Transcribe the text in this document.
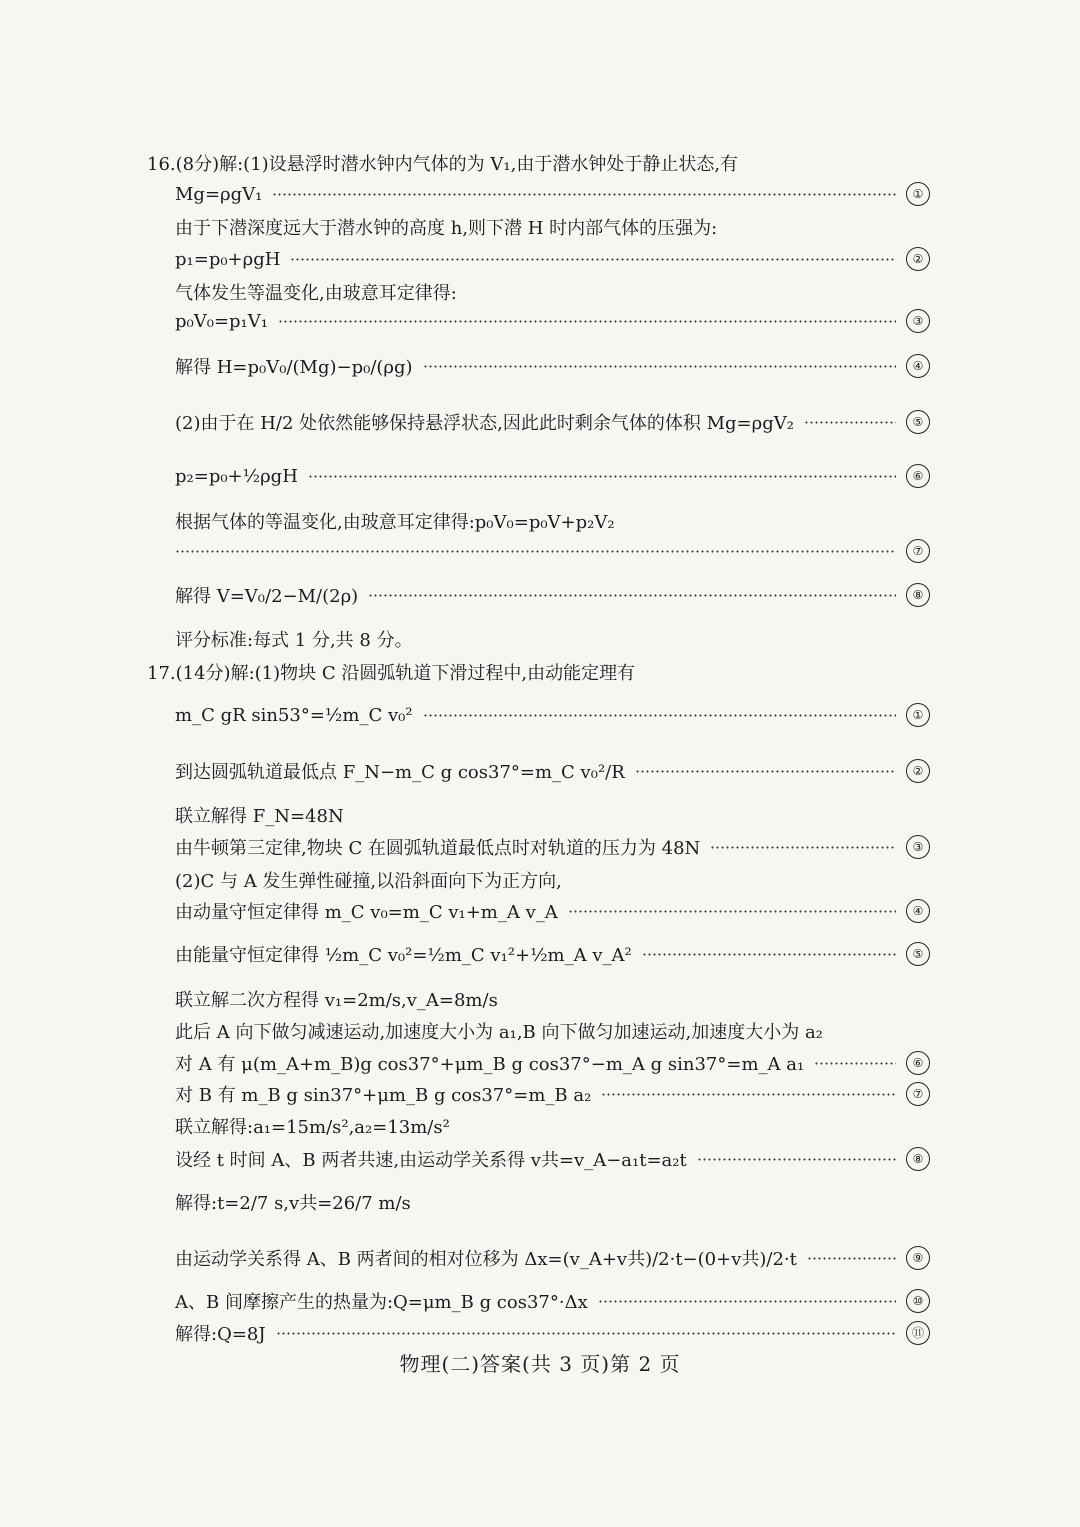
16.(8分)解:(1)设悬浮时潜水钟内气体的为 V₁,由于潜水钟处于静止状态,有
Mg=ρgV₁	①
由于下潜深度远大于潜水钟的高度 h,则下潜 H 时内部气体的压强为:
p₁=p₀+ρgH	②
气体发生等温变化,由玻意耳定律得:
p₀V₀=p₁V₁	③
解得 H=p₀V₀/(Mg)−p₀/(ρg)	④
(2)由于在 H/2 处依然能够保持悬浮状态,因此此时剩余气体的体积 Mg=ρgV₂	⑤
p₂=p₀+½ρgH	⑥
根据气体的等温变化,由玻意耳定律得:p₀V₀=p₀V+p₂V₂
⑦
解得 V=V₀/2−M/(2ρ)	⑧
评分标准:每式 1 分,共 8 分。
17.(14分)解:(1)物块 C 沿圆弧轨道下滑过程中,由动能定理有
m_C gR sin53°=½m_C v₀²	①
到达圆弧轨道最低点 F_N−m_C g cos37°=m_C v₀²/R	②
联立解得 F_N=48N
由牛顿第三定律,物块 C 在圆弧轨道最低点时对轨道的压力为 48N	③
(2)C 与 A 发生弹性碰撞,以沿斜面向下为正方向,
由动量守恒定律得 m_C v₀=m_C v₁+m_A v_A	④
由能量守恒定律得 ½m_C v₀²=½m_C v₁²+½m_A v_A²	⑤
联立解二次方程得 v₁=2m/s,v_A=8m/s
此后 A 向下做匀减速运动,加速度大小为 a₁,B 向下做匀加速运动,加速度大小为 a₂
对 A 有 μ(m_A+m_B)g cos37°+μm_B g cos37°−m_A g sin37°=m_A a₁	⑥
对 B 有 m_B g sin37°+μm_B g cos37°=m_B a₂	⑦
联立解得:a₁=15m/s²,a₂=13m/s²
设经 t 时间 A、B 两者共速,由运动学关系得 v共=v_A−a₁t=a₂t	⑧
解得:t=2/7 s,v共=26/7 m/s
由运动学关系得 A、B 两者间的相对位移为 Δx=(v_A+v共)/2·t−(0+v共)/2·t	⑨
A、B 间摩擦产生的热量为:Q=μm_B g cos37°·Δx	⑩
解得:Q=8J	⑪
物理(二)答案(共 3 页)第 2 页
